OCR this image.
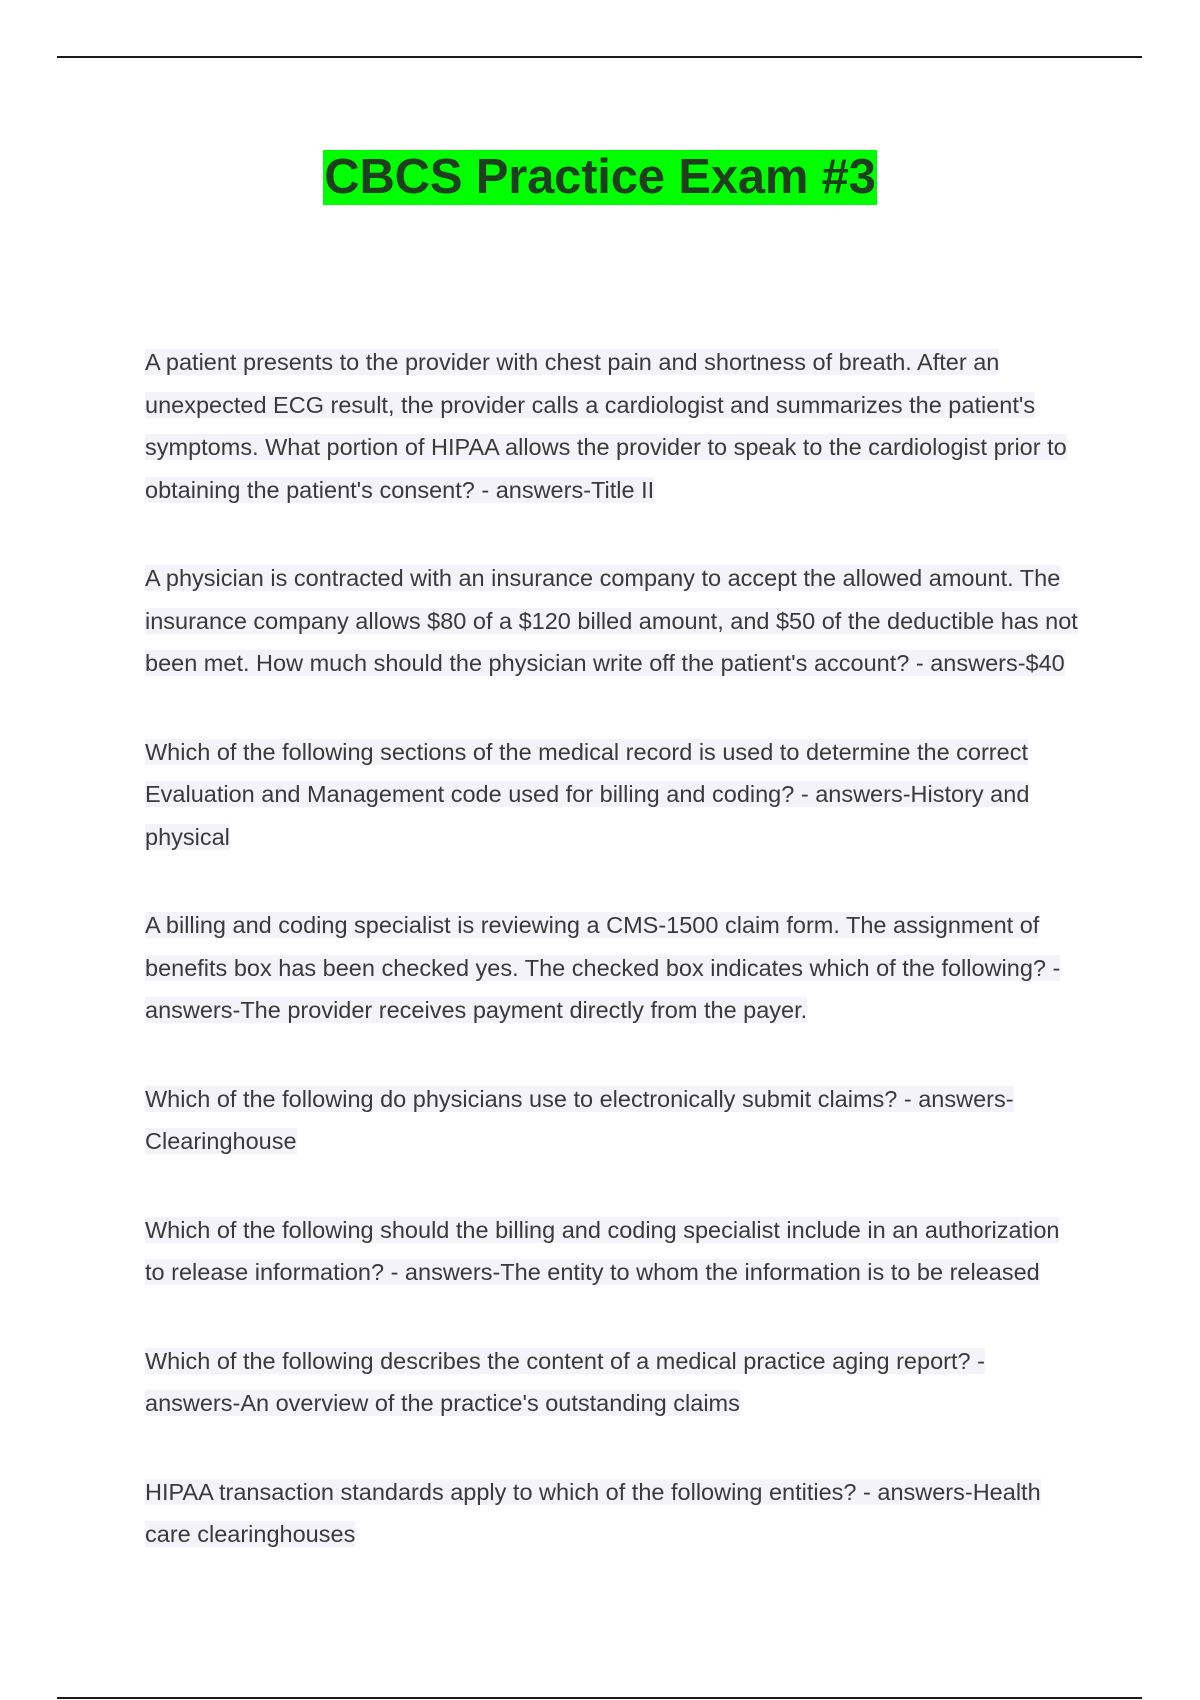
CBCS Practice Exam #3

A patient presents to the provider with chest pain and shortness of breath. After an unexpected ECG result, the provider calls a cardiologist and summarizes the patient's symptoms. What portion of HIPAA allows the provider to speak to the cardiologist prior to obtaining the patient's consent? - answers-Title II

A physician is contracted with an insurance company to accept the allowed amount. The insurance company allows $80 of a $120 billed amount, and $50 of the deductible has not been met. How much should the physician write off the patient's account? - answers-$40

Which of the following sections of the medical record is used to determine the correct Evaluation and Management code used for billing and coding? - answers-History and physical

A billing and coding specialist is reviewing a CMS-1500 claim form. The assignment of benefits box has been checked yes. The checked box indicates which of the following? - answers-The provider receives payment directly from the payer.

Which of the following do physicians use to electronically submit claims? - answers-Clearinghouse

Which of the following should the billing and coding specialist include in an authorization to release information? - answers-The entity to whom the information is to be released

Which of the following describes the content of a medical practice aging report? - answers-An overview of the practice's outstanding claims

HIPAA transaction standards apply to which of the following entities? - answers-Health care clearinghouses
